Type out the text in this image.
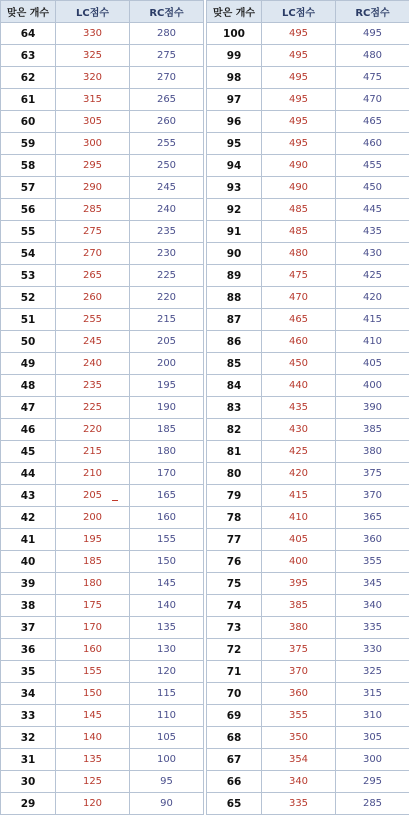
맞은 개수	LC점수	RC점수
64	330	280
63	325	275
62	320	270
61	315	265
60	305	260
59	300	255
58	295	250
57	290	245
56	285	240
55	275	235
54	270	230
53	265	225
52	260	220
51	255	215
50	245	205
49	240	200
48	235	195
47	225	190
46	220	185
45	215	180
44	210	170
43	205	165
42	200	160
41	195	155
40	185	150
39	180	145
38	175	140
37	170	135
36	160	130
35	155	120
34	150	115
33	145	110
32	140	105
31	135	100
30	125	95
29	120	90
맞은 개수	LC점수	RC점수
100	495	495
99	495	480
98	495	475
97	495	470
96	495	465
95	495	460
94	490	455
93	490	450
92	485	445
91	485	435
90	480	430
89	475	425
88	470	420
87	465	415
86	460	410
85	450	405
84	440	400
83	435	390
82	430	385
81	425	380
80	420	375
79	415	370
78	410	365
77	405	360
76	400	355
75	395	345
74	385	340
73	380	335
72	375	330
71	370	325
70	360	315
69	355	310
68	350	305
67	354	300
66	340	295
65	335	285
